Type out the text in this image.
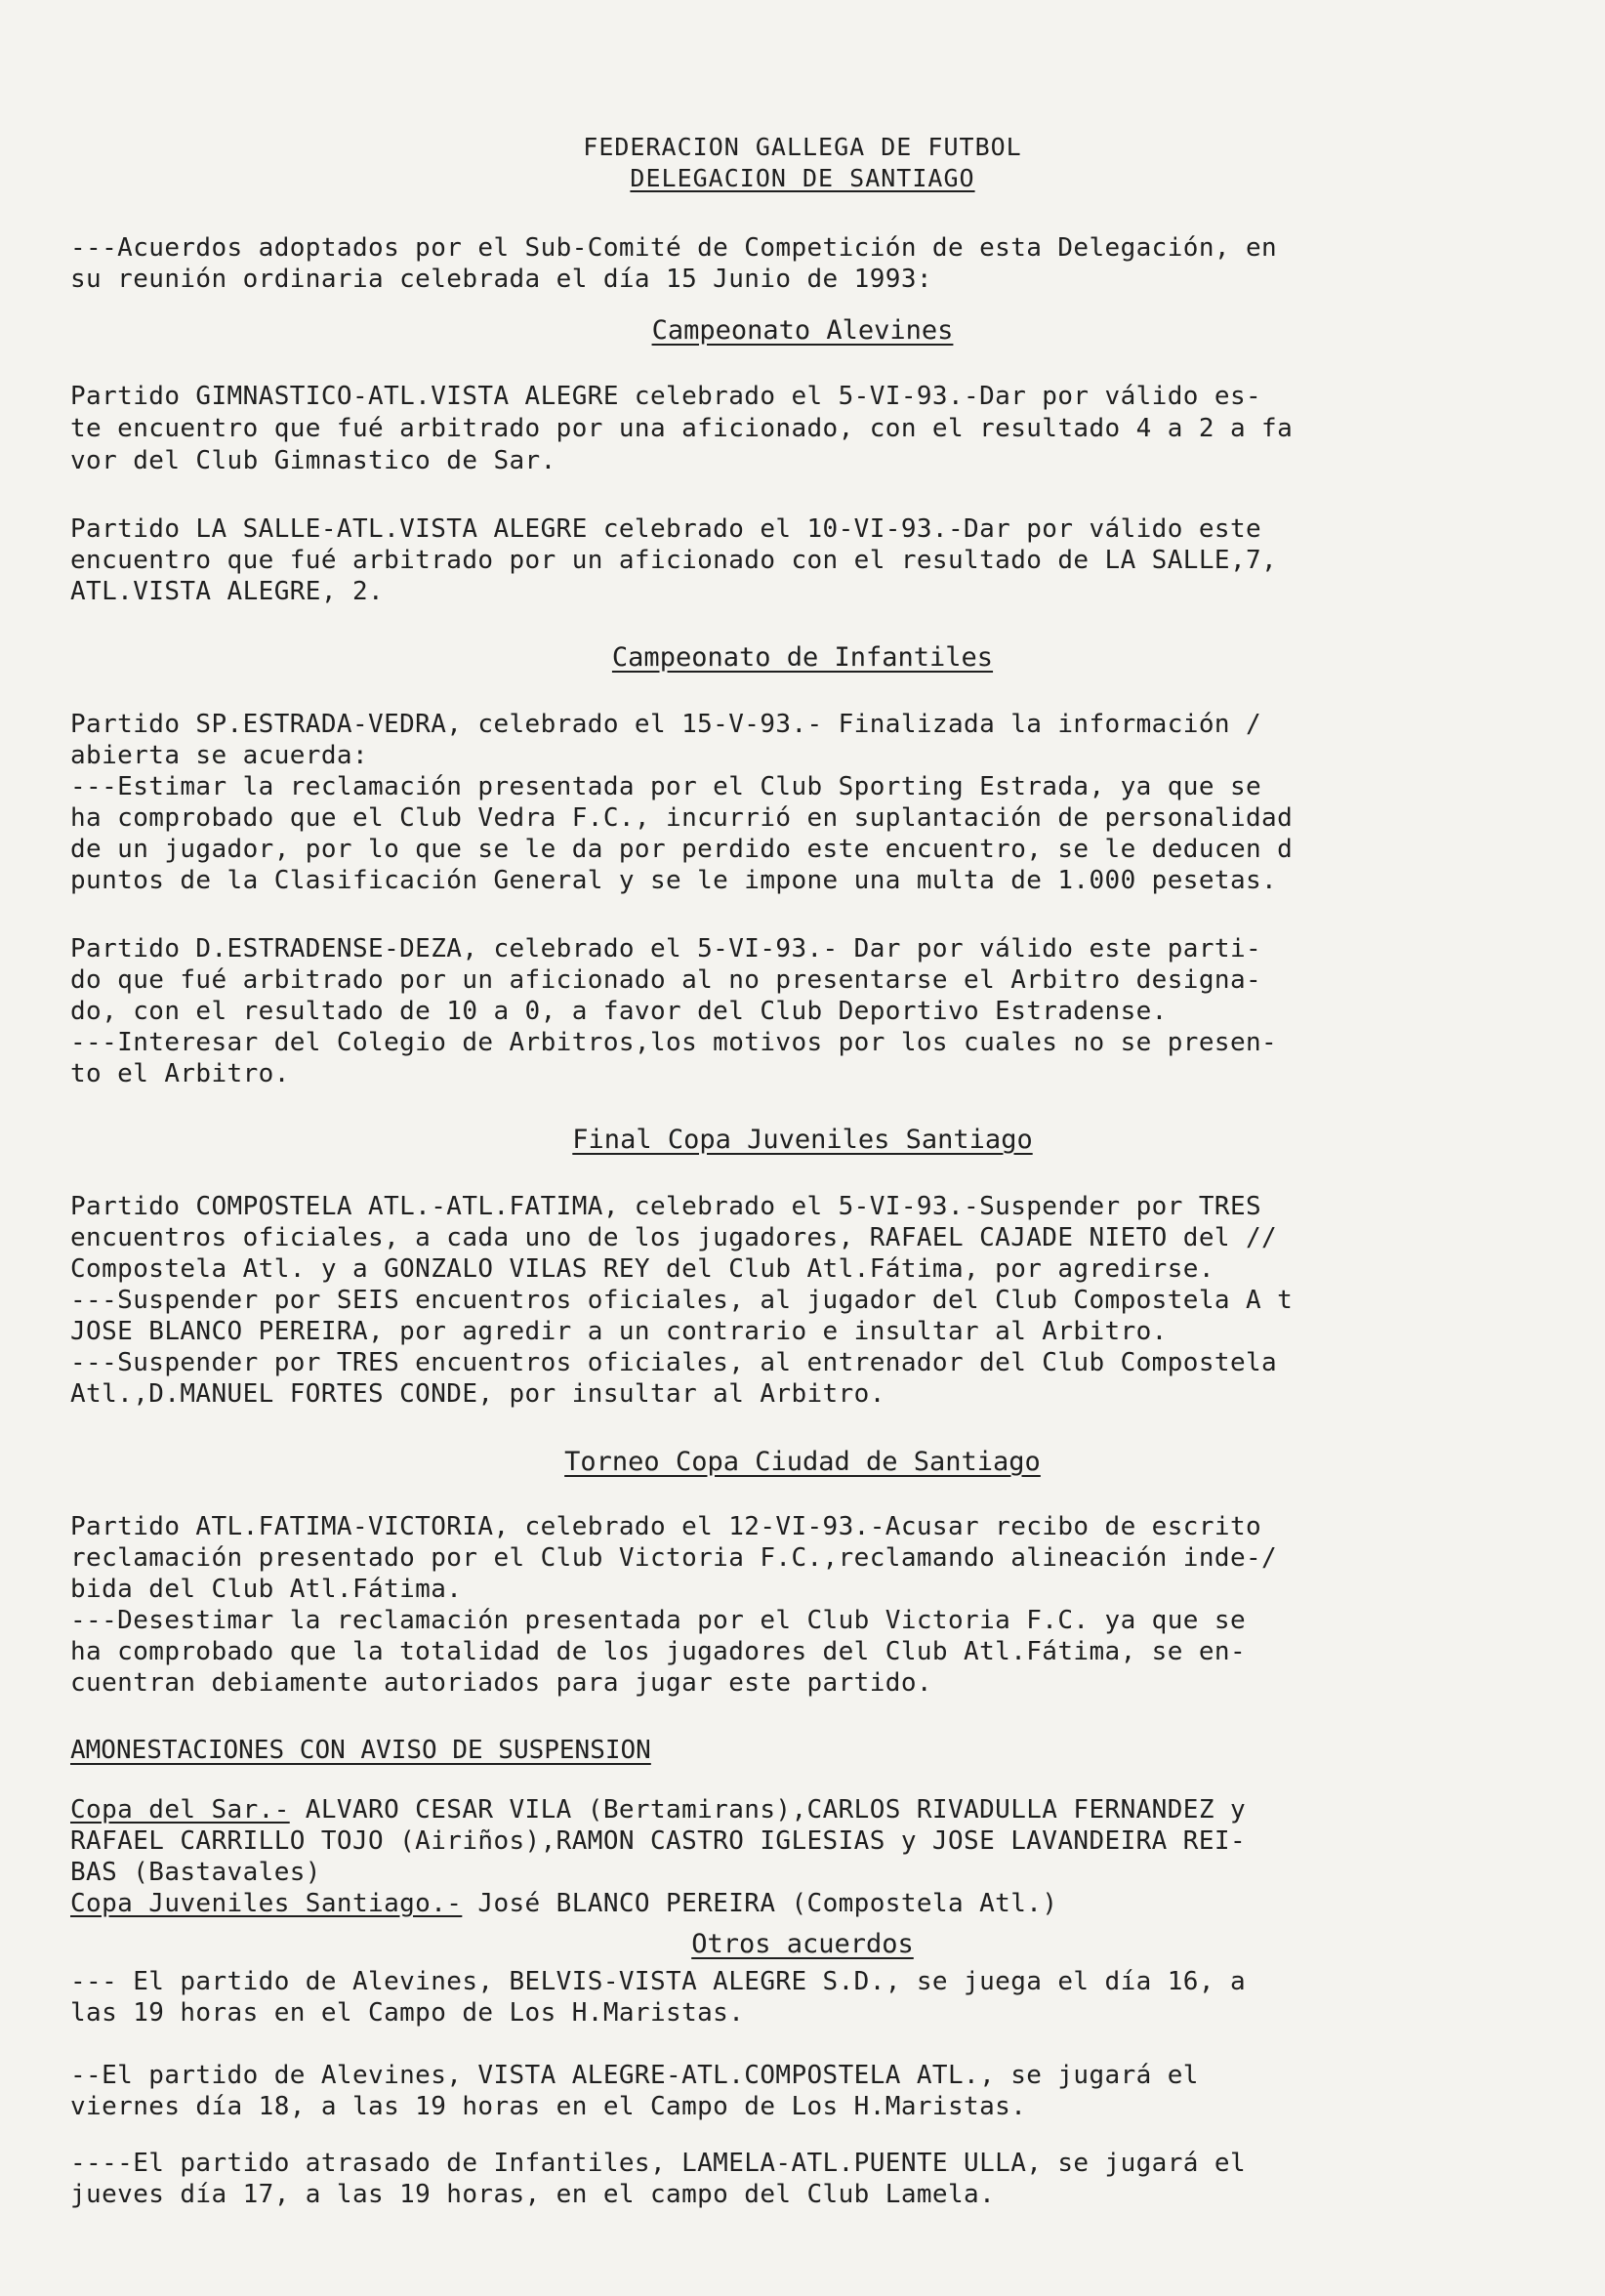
FEDERACION GALLEGA DE FUTBOL
DELEGACION DE SANTIAGO
---Acuerdos adoptados por el Sub-Comité de Competición de esta Delegación, en
su reunión ordinaria celebrada el día 15 Junio de 1993:
Campeonato Alevines
Partido GIMNASTICO-ATL.VISTA ALEGRE celebrado el 5-VI-93.-Dar por válido es-
te encuentro que fué arbitrado por una aficionado, con el resultado 4 a 2 a fa
vor del Club Gimnastico de Sar.
Partido LA SALLE-ATL.VISTA ALEGRE celebrado el 10-VI-93.-Dar por válido este
encuentro que fué arbitrado por un aficionado con el resultado de LA SALLE,7,
ATL.VISTA ALEGRE, 2.
Campeonato de Infantiles
Partido SP.ESTRADA-VEDRA, celebrado el 15-V-93.- Finalizada la información /
abierta se acuerda:
---Estimar la reclamación presentada por el Club Sporting Estrada, ya que se
ha comprobado que el Club Vedra F.C., incurrió en suplantación de personalidad
de un jugador, por lo que se le da por perdido este encuentro, se le deducen d
puntos de la Clasificación General y se le impone una multa de 1.000 pesetas.
Partido D.ESTRADENSE-DEZA, celebrado el 5-VI-93.- Dar por válido este parti-
do que fué arbitrado por un aficionado al no presentarse el Arbitro designa-
do, con el resultado de 10 a 0, a favor del Club Deportivo Estradense.
---Interesar del Colegio de Arbitros,los motivos por los cuales no se presen-
to el Arbitro.
Final Copa Juveniles Santiago
Partido COMPOSTELA ATL.-ATL.FATIMA, celebrado el 5-VI-93.-Suspender por TRES
encuentros oficiales, a cada uno de los jugadores, RAFAEL CAJADE NIETO del //
Compostela Atl. y a GONZALO VILAS REY del Club Atl.Fátima, por agredirse.
---Suspender por SEIS encuentros oficiales, al jugador del Club Compostela A t
JOSE BLANCO PEREIRA, por agredir a un contrario e insultar al Arbitro.
---Suspender por TRES encuentros oficiales, al entrenador del Club Compostela
Atl.,D.MANUEL FORTES CONDE, por insultar al Arbitro.
Torneo Copa Ciudad de Santiago
Partido ATL.FATIMA-VICTORIA, celebrado el 12-VI-93.-Acusar recibo de escrito
reclamación presentado por el Club Victoria F.C.,reclamando alineación inde-/
bida del Club Atl.Fátima.
---Desestimar la reclamación presentada por el Club Victoria F.C. ya que se
ha comprobado que la totalidad de los jugadores del Club Atl.Fátima, se en-
cuentran debiamente autoriados para jugar este partido.
AMONESTACIONES CON AVISO DE SUSPENSION
Copa del Sar.- ALVARO CESAR VILA (Bertamirans),CARLOS RIVADULLA FERNANDEZ y
RAFAEL CARRILLO TOJO (Airiños),RAMON CASTRO IGLESIAS y JOSE LAVANDEIRA REI-
BAS (Bastavales)
Copa Juveniles Santiago.- José BLANCO PEREIRA (Compostela Atl.)
Otros acuerdos
--- El partido de Alevines, BELVIS-VISTA ALEGRE S.D., se juega el día 16, a
las 19 horas en el Campo de Los H.Maristas.
--El partido de Alevines, VISTA ALEGRE-ATL.COMPOSTELA ATL., se jugará el
viernes día 18, a las 19 horas en el Campo de Los H.Maristas.
----El partido atrasado de Infantiles, LAMELA-ATL.PUENTE ULLA, se jugará el
jueves día 17, a las 19 horas, en el campo del Club Lamela.
